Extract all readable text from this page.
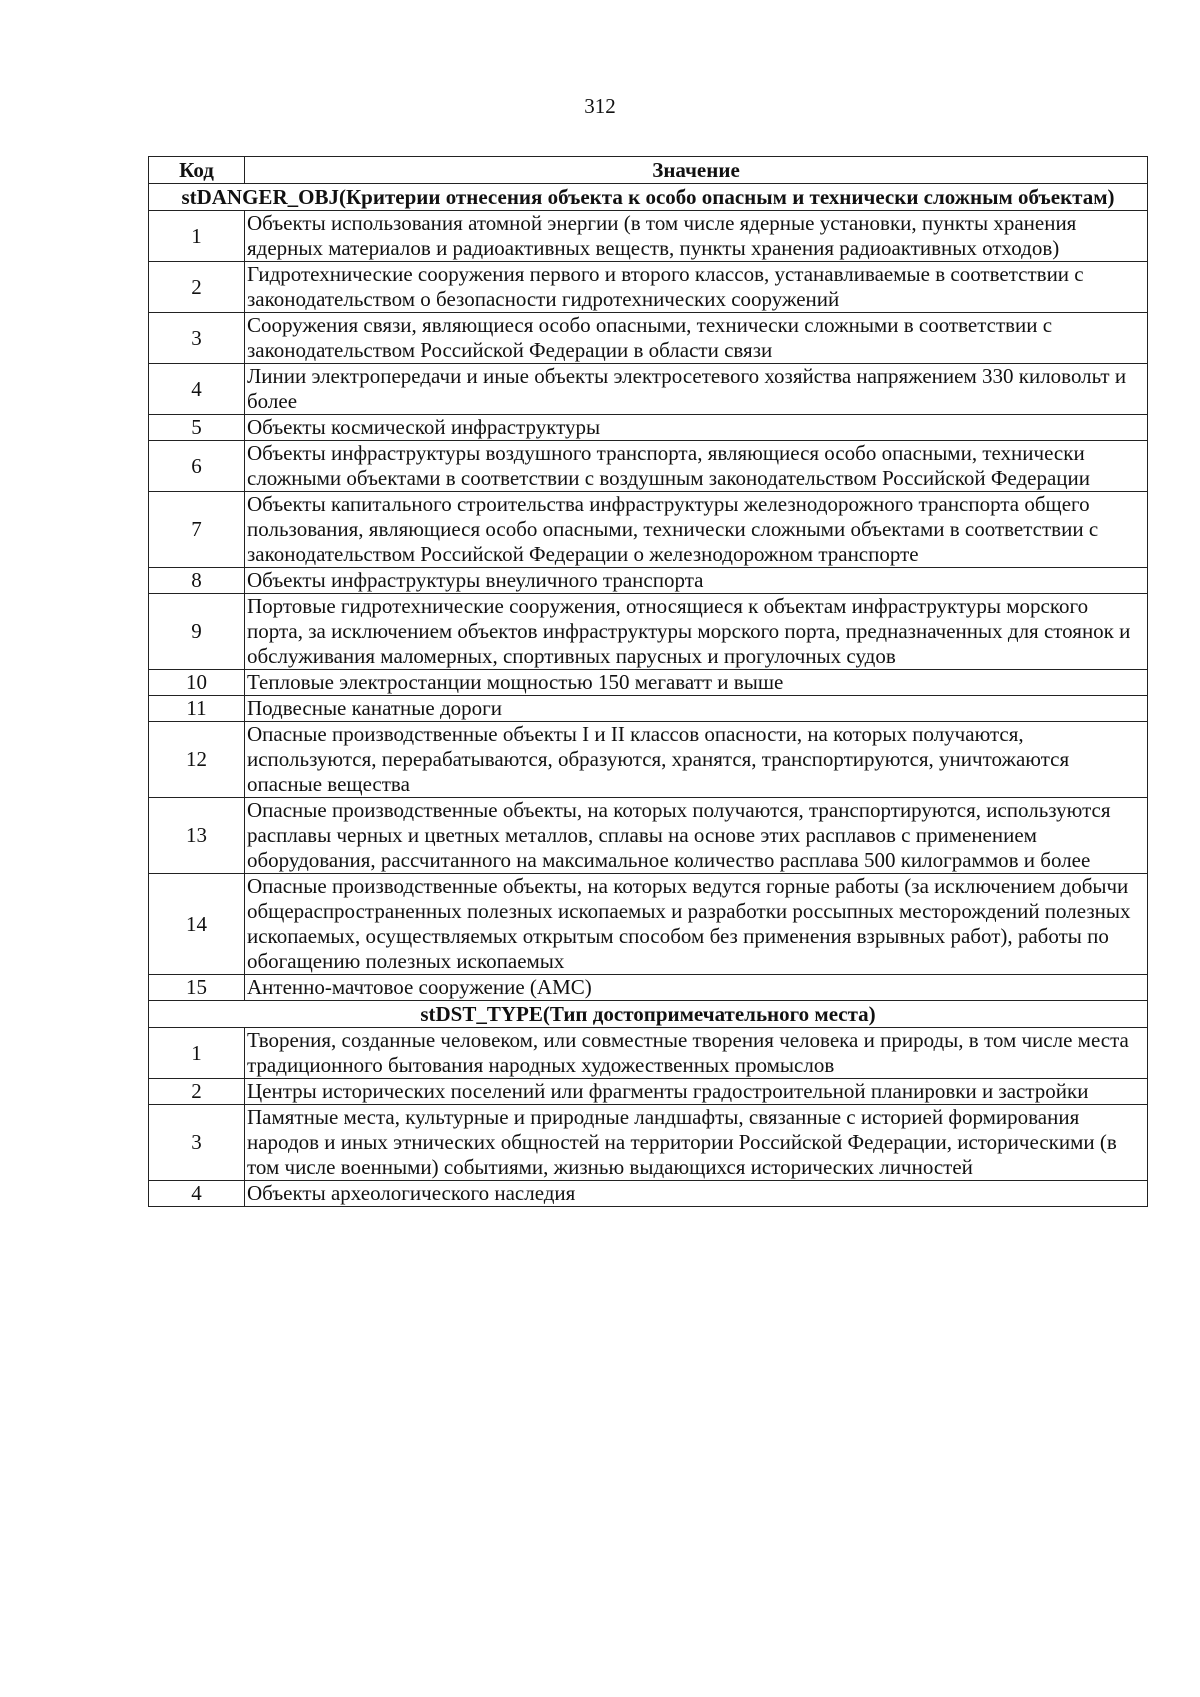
312
Код	Значение
stDANGER_OBJ(Критерии отнесения объекта к особо опасным и технически сложным объектам)	
1	Объекты использования атомной энергии (в том числе ядерные установки, пункты хранения ядерных материалов и радиоактивных веществ, пункты хранения радиоактивных отходов)
2	Гидротехнические сооружения первого и второго классов, устанавливаемые в соответствии с законодательством о безопасности гидротехнических сооружений
3	Сооружения связи, являющиеся особо опасными, технически сложными в соответствии с законодательством Российской Федерации в области связи
4	Линии электропередачи и иные объекты электросетевого хозяйства напряжением 330 киловольт и более
5	Объекты космической инфраструктуры
6	Объекты инфраструктуры воздушного транспорта, являющиеся особо опасными, технически сложными объектами в соответствии с воздушным законодательством Российской Федерации
7	Объекты капитального строительства инфраструктуры железнодорожного транспорта общего пользования, являющиеся особо опасными, технически сложными объектами в соответствии с законодательством Российской Федерации о железнодорожном транспорте
8	Объекты инфраструктуры внеуличного транспорта
9	Портовые гидротехнические сооружения, относящиеся к объектам инфраструктуры морского порта, за исключением объектов инфраструктуры морского порта, предназначенных для стоянок и обслуживания маломерных, спортивных парусных и прогулочных судов
10	Тепловые электростанции мощностью 150 мегаватт и выше
11	Подвесные канатные дороги
12	Опасные производственные объекты I и II классов опасности, на которых получаются, используются, перерабатываются, образуются, хранятся, транспортируются, уничтожаются опасные вещества
13	Опасные производственные объекты, на которых получаются, транспортируются, используются расплавы черных и цветных металлов, сплавы на основе этих расплавов с применением оборудования, рассчитанного на максимальное количество расплава 500 килограммов и более
14	Опасные производственные объекты, на которых ведутся горные работы (за исключением добычи общераспространенных полезных ископаемых и разработки россыпных месторождений полезных ископаемых, осуществляемых открытым способом без применения взрывных работ), работы по обогащению полезных ископаемых
15	Антенно-мачтовое сооружение (АМС)
stDST_TYPE(Тип достопримечательного места)	
1	Творения, созданные человеком, или совместные творения человека и природы, в том числе места традиционного бытования народных художественных промыслов
2	Центры исторических поселений или фрагменты градостроительной планировки и застройки
3	Памятные места, культурные и природные ландшафты, связанные с историей формирования народов и иных этнических общностей на территории Российской Федерации, историческими (в том числе военными) событиями, жизнью выдающихся исторических личностей
4	Объекты археологического наследия
